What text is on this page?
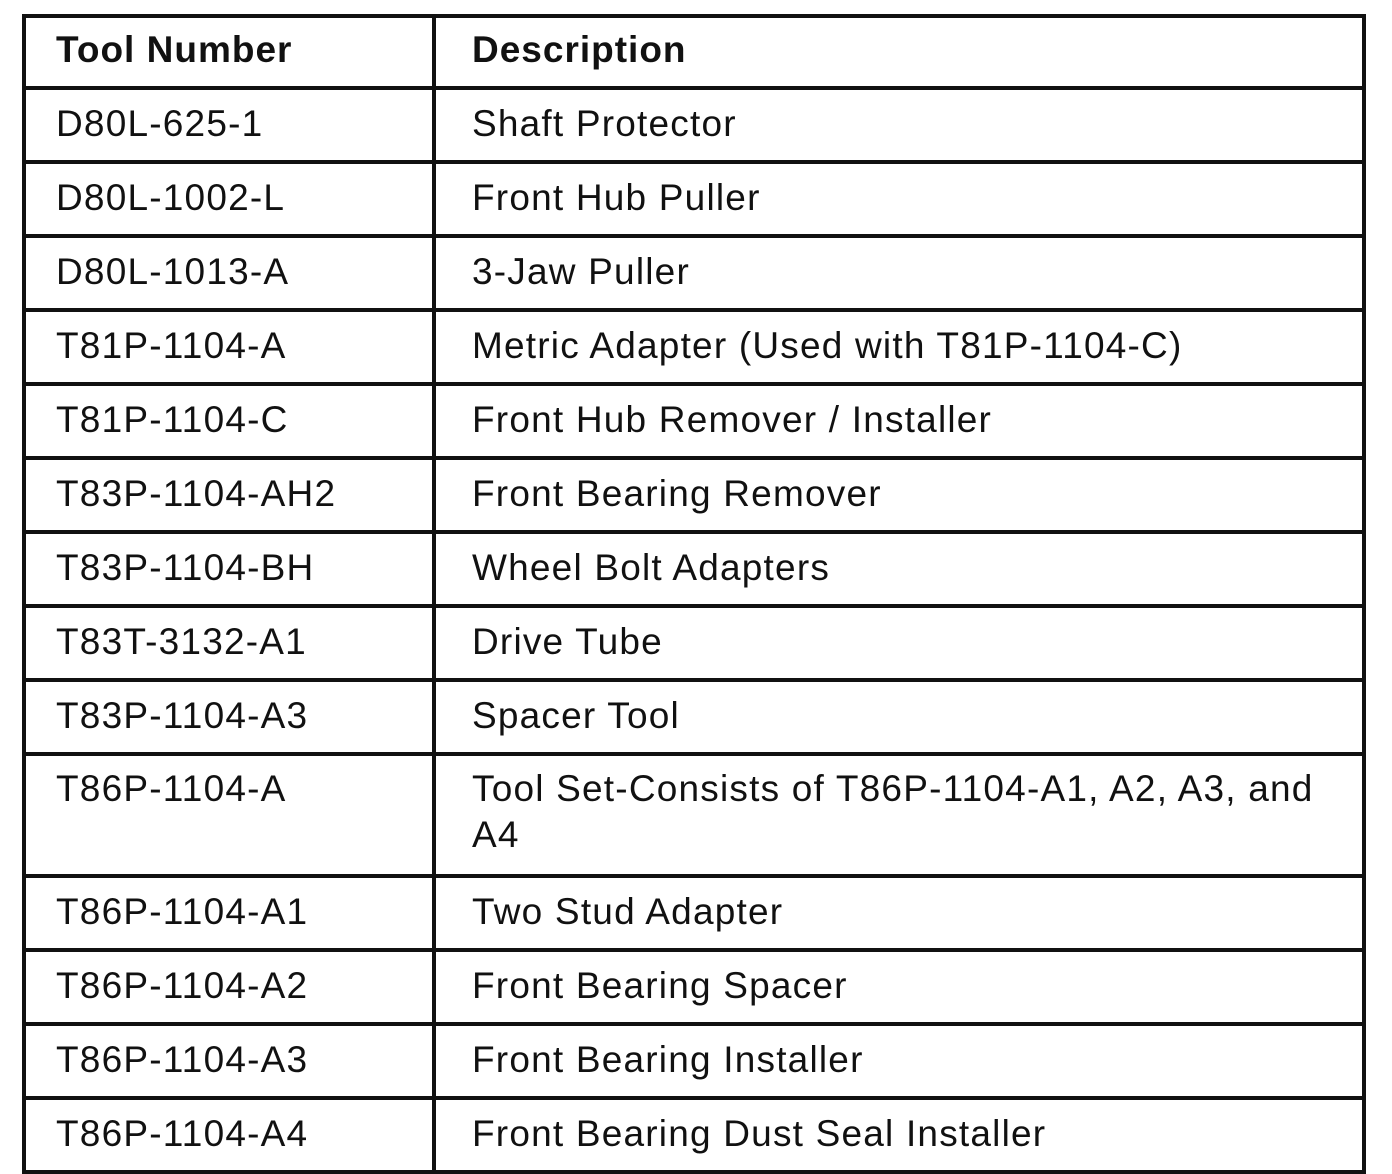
Tool Number	Description
D80L-625-1	Shaft Protector
D80L-1002-L	Front Hub Puller
D80L-1013-A	3-Jaw Puller
T81P-1104-A	Metric Adapter (Used with T81P-1104-C)
T81P-1104-C	Front Hub Remover / Installer
T83P-1104-AH2	Front Bearing Remover
T83P-1104-BH	Wheel Bolt Adapters
T83T-3132-A1	Drive Tube
T83P-1104-A3	Spacer Tool
T86P-1104-A	Tool Set-Consists of T86P-1104-A1, A2, A3, and A4
T86P-1104-A1	Two Stud Adapter
T86P-1104-A2	Front Bearing Spacer
T86P-1104-A3	Front Bearing Installer
T86P-1104-A4	Front Bearing Dust Seal Installer
